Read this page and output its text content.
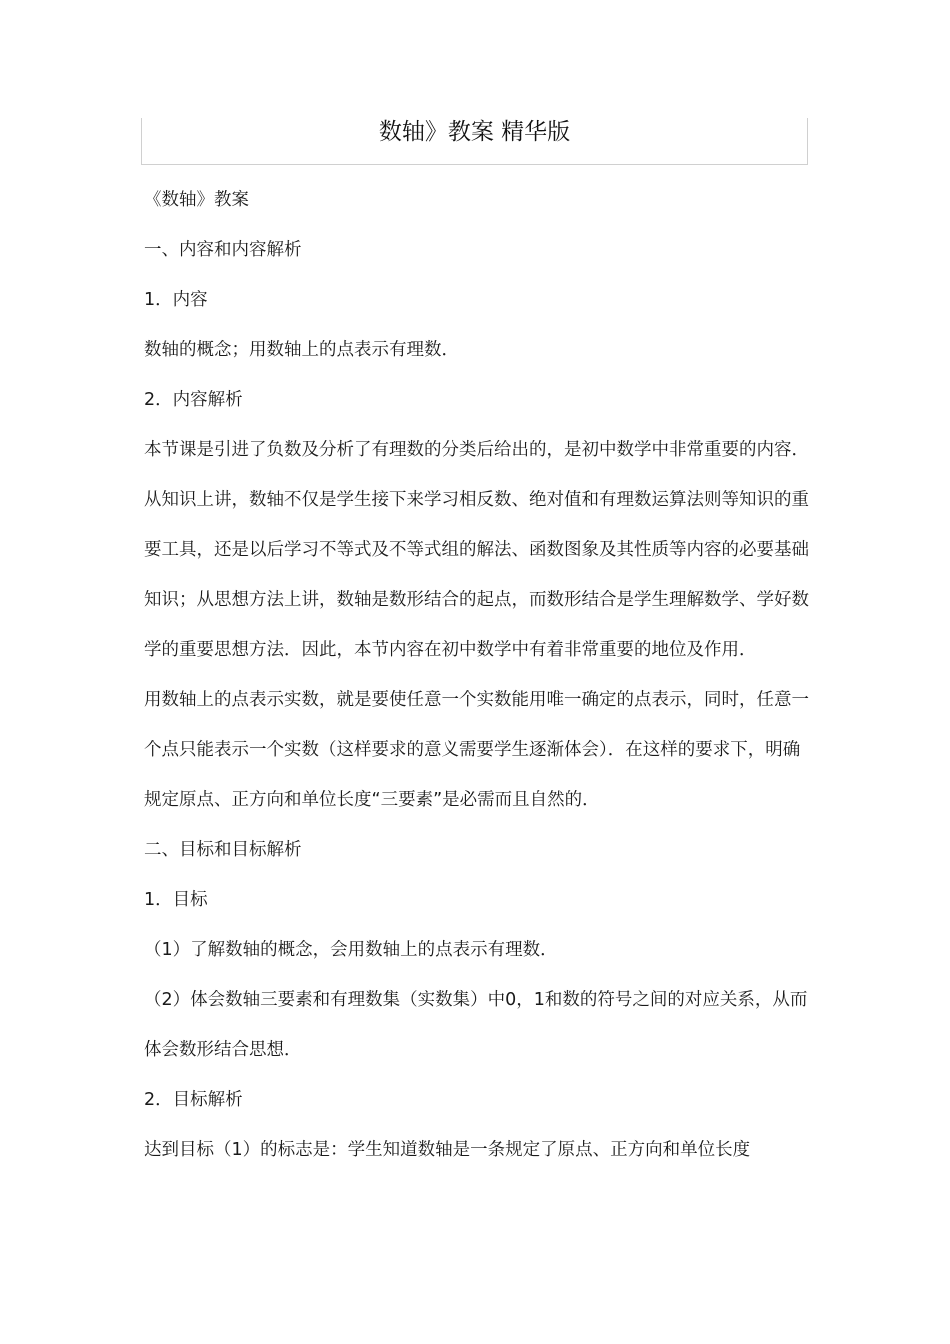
数轴》教案 精华版

《数轴》教案

一、内容和内容解析

1．内容

数轴的概念；用数轴上的点表示有理数．

2．内容解析

本节课是引进了负数及分析了有理数的分类后给出的，是初中数学中非常重要的内容．从知识上讲，数轴不仅是学生接下来学习相反数、绝对值和有理数运算法则等知识的重要工具，还是以后学习不等式及不等式组的解法、函数图象及其性质等内容的必要基础知识；从思想方法上讲，数轴是数形结合的起点，而数形结合是学生理解数学、学好数学的重要思想方法．因此，本节内容在初中数学中有着非常重要的地位及作用．

用数轴上的点表示实数，就是要使任意一个实数能用唯一确定的点表示，同时，任意一个点只能表示一个实数（这样要求的意义需要学生逐渐体会）．在这样的要求下，明确规定原点、正方向和单位长度“三要素”是必需而且自然的．

二、目标和目标解析

1．目标

（1）了解数轴的概念，会用数轴上的点表示有理数．

（2）体会数轴三要素和有理数集（实数集）中0，1和数的符号之间的对应关系，从而体会数形结合思想．

2．目标解析

达到目标（1）的标志是：学生知道数轴是一条规定了原点、正方向和单位长度
